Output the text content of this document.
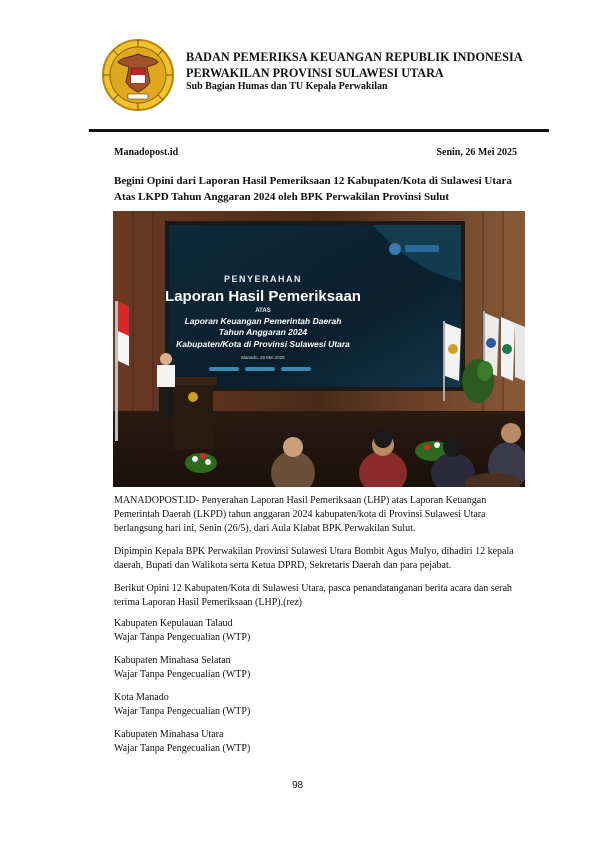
BADAN PEMERIKSA KEUANGAN REPUBLIK INDONESIA
PERWAKILAN PROVINSI SULAWESI UTARA
Sub Bagian Humas dan TU Kepala Perwakilan
Manadopost.id	Senin, 26 Mei 2025
Begini Opini dari Laporan Hasil Pemeriksaan 12 Kabupaten/Kota di Sulawesi Utara Atas LKPD Tahun Anggaran 2024 oleh BPK Perwakilan Provinsi Sulut
PENYERAHAN
Laporan Hasil Pemeriksaan
ATAS
Laporan Keuangan Pemerintah Daerah
Tahun Anggaran 2024
Kabupaten/Kota di Provinsi Sulawesi Utara
Manado, 26 Mei 2025
MANADOPOST.ID- Penyerahan Laporan Hasil Pemeriksaan (LHP) atas Laporan Keuangan Pemerintah Daerah (LKPD) tahun anggaran 2024 kabupaten/kota di Provinsi Sulawesi Utara berlangsung hari ini, Senin (26/5), dari Aula Klabat BPK Perwakilan Sulut.
Dipimpin Kepala BPK Perwakilan Provinsi Sulawesi Utara Bombit Agus Mulyo, dihadiri 12 kepala daerah, Bupati dan Walikota serta Ketua DPRD, Sekretaris Daerah dan para pejabat.
Berikut Opini 12 Kabupaten/Kota di Sulawesi Utara, pasca penandatanganan berita acara dan serah terima Laporan Hasil Pemeriksaan (LHP).(rez)
Kabupaten Kepulauan Talaud
Wajar Tanpa Pengecualian (WTP)
Kabupaten Minahasa Selatan
Wajar Tanpa Pengecualian (WTP)
Kota Manado
Wajar Tanpa Pengecualian (WTP)
Kabupaten Minahasa Utara
Wajar Tanpa Pengecualian (WTP)
98
